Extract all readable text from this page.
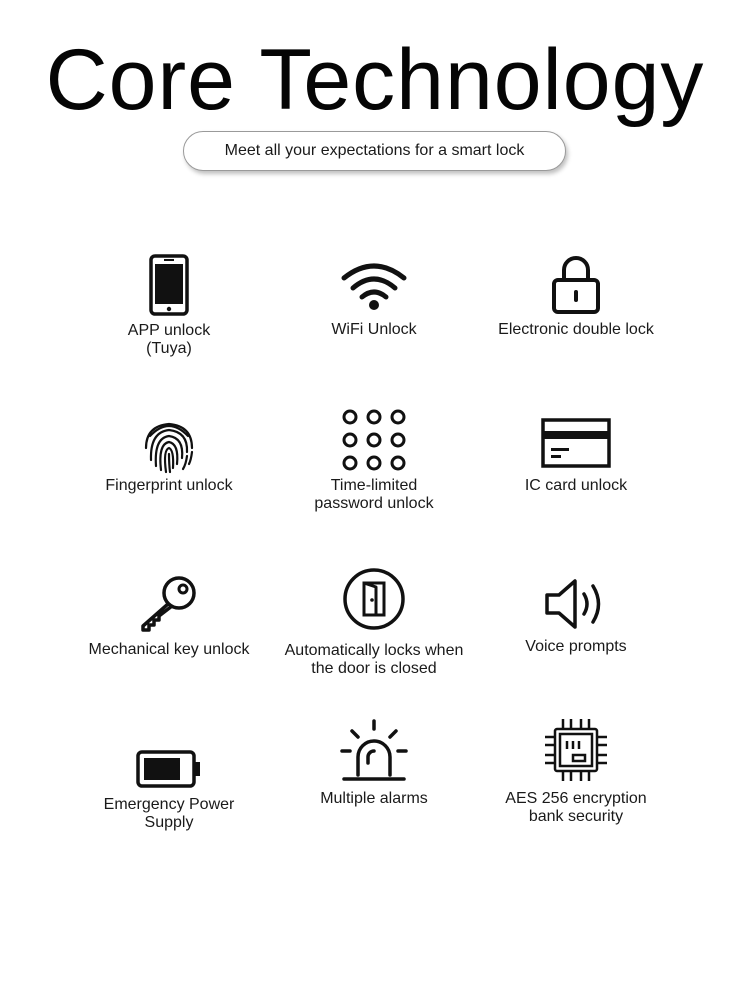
Core Technology
Meet all your expectations for a smart lock
APP unlock
(Tuya)
WiFi Unlock	Electronic double lock
Fingerprint unlock	Time-limited
password unlock
IC card unlock
Mechanical key unlock	Automatically locks when
the door is closed
Voice prompts
Emergency Power
Supply
Multiple alarms	AES 256 encryption
bank security
